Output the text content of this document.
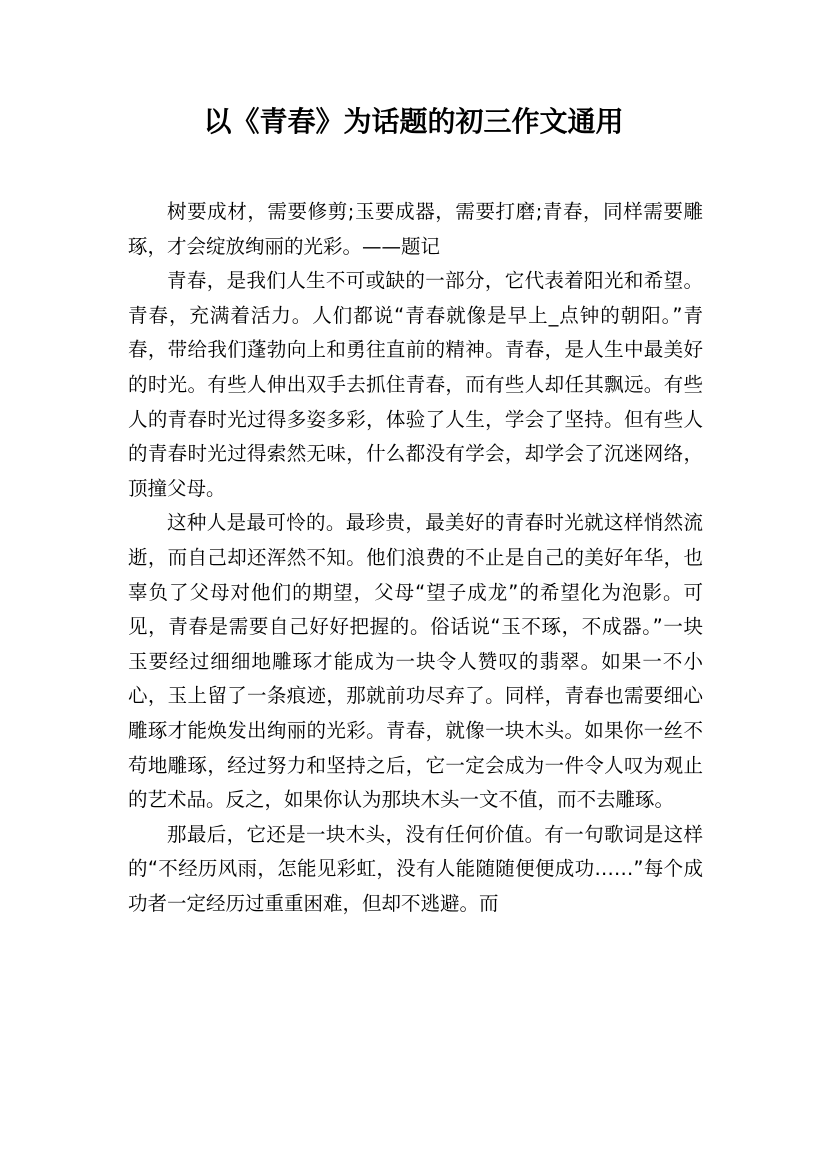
以《青春》为话题的初三作文通用

树要成材，需要修剪;玉要成器，需要打磨;青春，同样需要雕琢，才会绽放绚丽的光彩。——题记

青春，是我们人生不可或缺的一部分，它代表着阳光和希望。青春，充满着活力。人们都说“青春就像是早上_点钟的朝阳。”青春，带给我们蓬勃向上和勇往直前的精神。青春，是人生中最美好的时光。有些人伸出双手去抓住青春，而有些人却任其飘远。有些人的青春时光过得多姿多彩，体验了人生，学会了坚持。但有些人的青春时光过得索然无味，什么都没有学会，却学会了沉迷网络，顶撞父母。

这种人是最可怜的。最珍贵，最美好的青春时光就这样悄然流逝，而自己却还浑然不知。他们浪费的不止是自己的美好年华，也辜负了父母对他们的期望，父母“望子成龙”的希望化为泡影。可见，青春是需要自己好好把握的。俗话说“玉不琢，不成器。”一块玉要经过细细地雕琢才能成为一块令人赞叹的翡翠。如果一不小心，玉上留了一条痕迹，那就前功尽弃了。同样，青春也需要细心雕琢才能焕发出绚丽的光彩。青春，就像一块木头。如果你一丝不苟地雕琢，经过努力和坚持之后，它一定会成为一件令人叹为观止的艺术品。反之，如果你认为那块木头一文不值，而不去雕琢。

那最后，它还是一块木头，没有任何价值。有一句歌词是这样的“不经历风雨，怎能见彩虹，没有人能随随便便成功……”每个成功者一定经历过重重困难，但却不逃避。而
